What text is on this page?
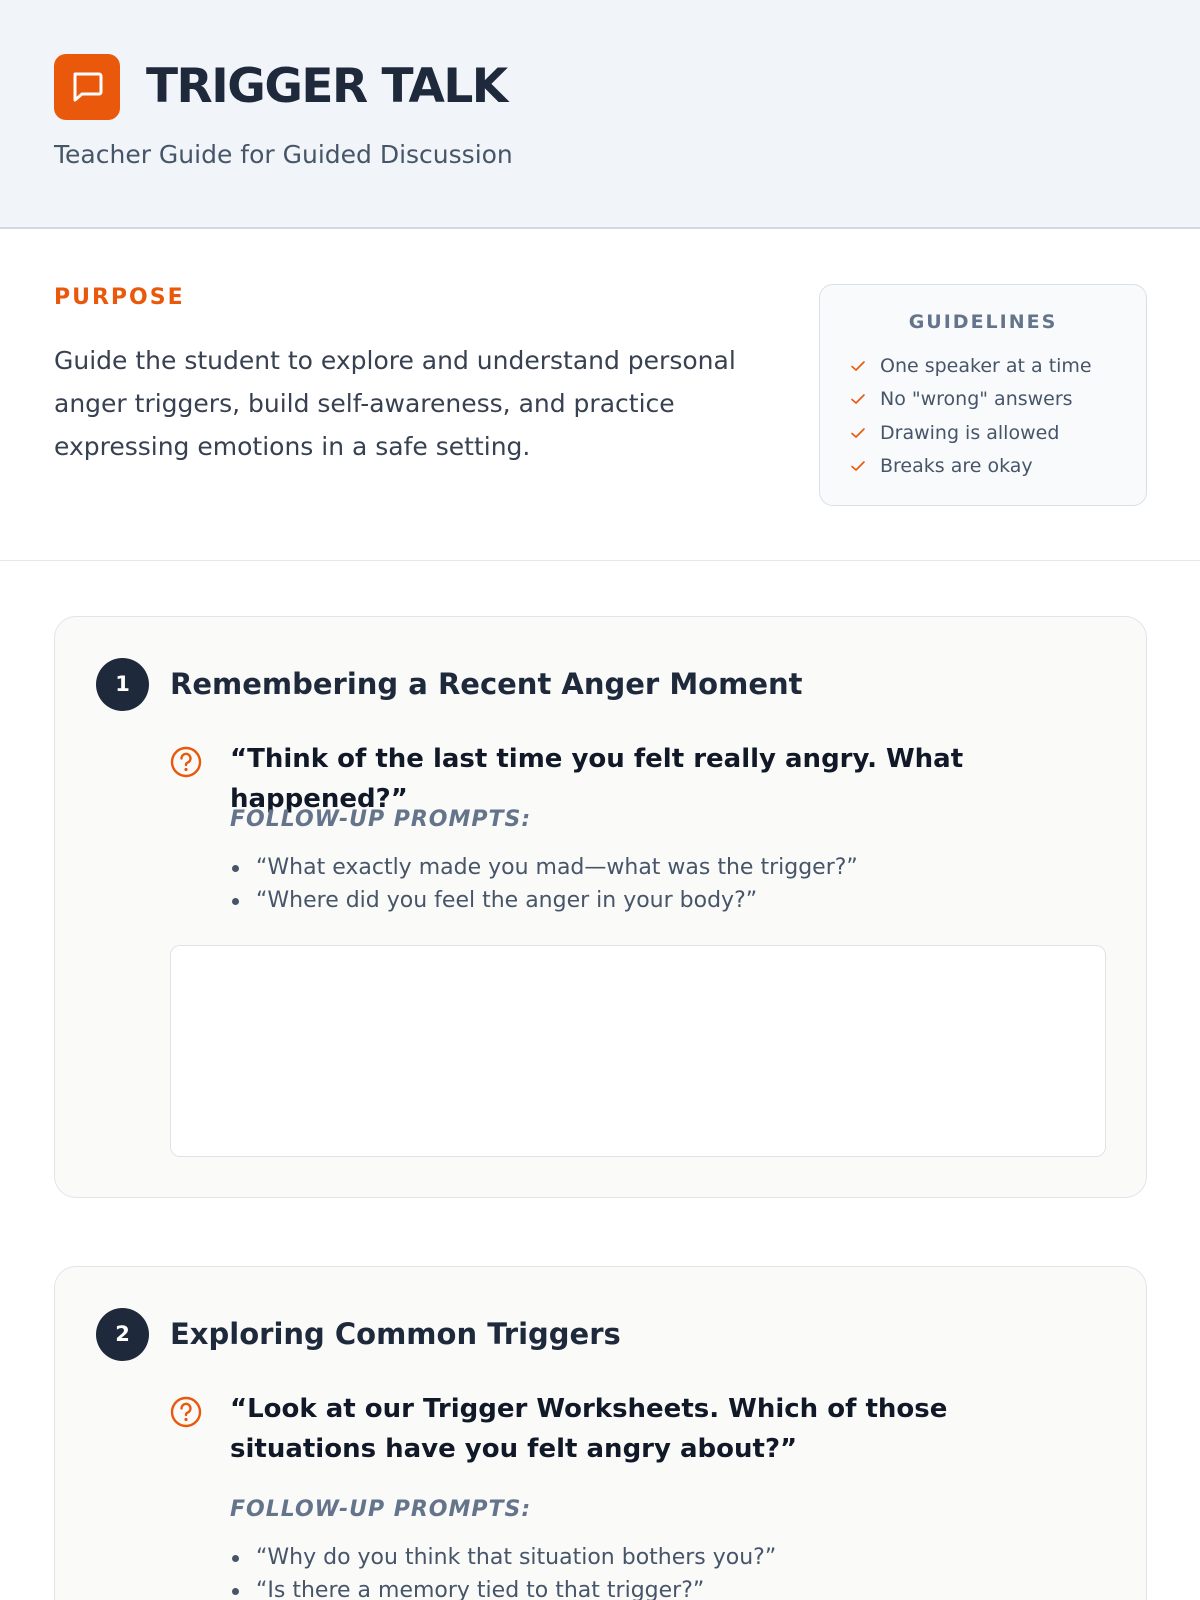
TRIGGER TALK
Teacher Guide for Guided Discussion
PURPOSE
Guide the student to explore and understand personal anger triggers, build self-awareness, and practice expressing emotions in a safe setting.
GUIDELINES
One speaker at a time
No "wrong" answers
Drawing is allowed
Breaks are okay
1	Remembering a Recent Anger Moment
“Think of the last time you felt really angry. What happened?”
FOLLOW-UP PROMPTS:
“What exactly made you mad—what was the trigger?”
“Where did you feel the anger in your body?”
2	Exploring Common Triggers
“Look at our Trigger Worksheets. Which of those situations have you felt angry about?”
FOLLOW-UP PROMPTS:
“Why do you think that situation bothers you?”
“Is there a memory tied to that trigger?”
